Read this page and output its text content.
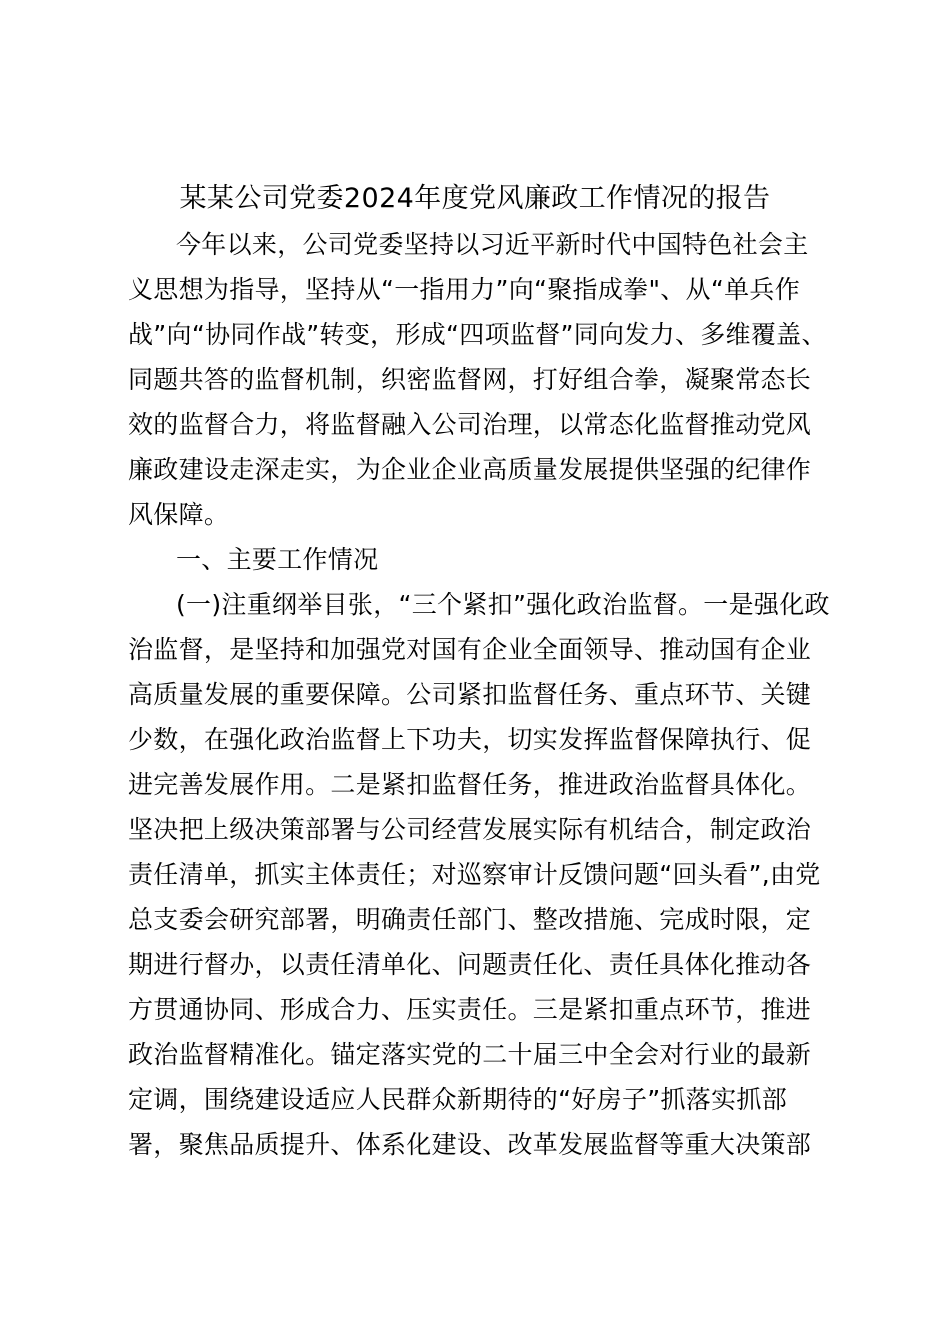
某某公司党委2024年度党风廉政工作情况的报告
今年以来，公司党委坚持以习近平新时代中国特色社会主
义思想为指导，坚持从“一指用力”向“聚指成拳"、从“单兵作
战”向“协同作战”转变，形成“四项监督”同向发力、多维覆盖、
同题共答的监督机制，织密监督网，打好组合拳，凝聚常态长
效的监督合力，将监督融入公司治理，以常态化监督推动党风
廉政建设走深走实，为企业企业高质量发展提供坚强的纪律作
风保障。
一、主要工作情况
(一)注重纲举目张，“三个紧扣”强化政治监督。一是强化政
治监督，是坚持和加强党对国有企业全面领导、推动国有企业
高质量发展的重要保障。公司紧扣监督任务、重点环节、关键
少数，在强化政治监督上下功夫，切实发挥监督保障执行、促
进完善发展作用。二是紧扣监督任务，推进政治监督具体化。
坚决把上级决策部署与公司经营发展实际有机结合，制定政治
责任清单，抓实主体责任；对巡察审计反馈问题“回头看”,由党
总支委会研究部署，明确责任部门、整改措施、完成时限，定
期进行督办，以责任清单化、问题责任化、责任具体化推动各
方贯通协同、形成合力、压实责任。三是紧扣重点环节，推进
政治监督精准化。锚定落实党的二十届三中全会对行业的最新
定调，围绕建设适应人民群众新期待的“好房子”抓落实抓部
署，聚焦品质提升、体系化建设、改革发展监督等重大决策部
